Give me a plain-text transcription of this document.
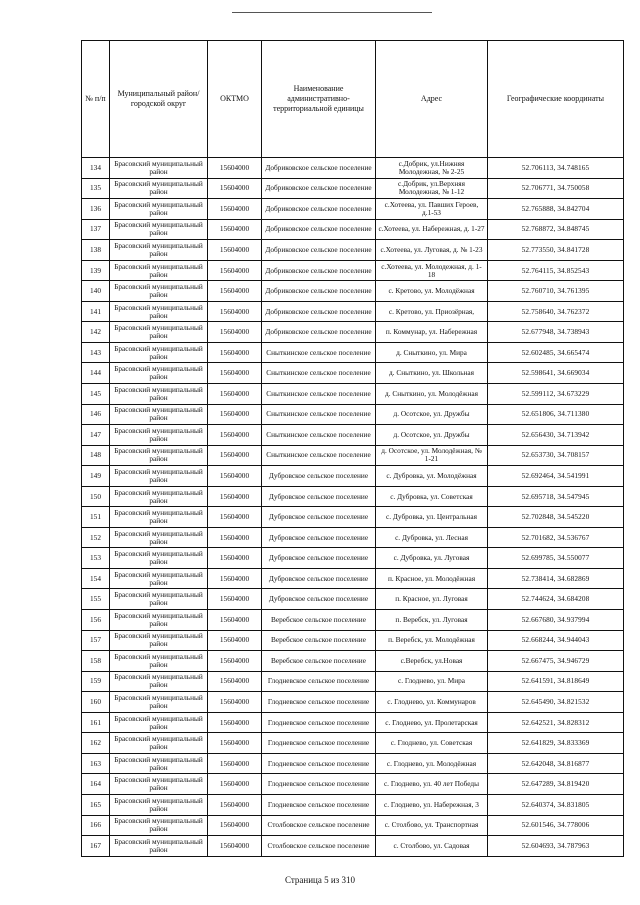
№ п/п	Муниципальный район/городской округ	ОКТМО	Наименование административно-территориальной единицы	Адрес	Географические координаты
134	Брасовский муниципальный район	15604000	Добриковское сельское поселение	с.Добрик, ул.Нижняя Молодежная, № 2-25	52.706113, 34.748165
135	Брасовский муниципальный район	15604000	Добриковское сельское поселение	с.Добрик, ул.Верхняя Молодежная, № 1-12	52.706771, 34.750058
136	Брасовский муниципальный район	15604000	Добриковское сельское поселение	с.Хотеева, ул. Павших Героев, д.1-53	52.765888, 34.842704
137	Брасовский муниципальный район	15604000	Добриковское сельское поселение	с.Хотеева, ул. Набережная, д. 1-27	52.768872, 34.848745
138	Брасовский муниципальный район	15604000	Добриковское сельское поселение	с.Хотеева, ул. Луговая, д. № 1-23	52.773550, 34.841728
139	Брасовский муниципальный район	15604000	Добриковское сельское поселение	с.Хотеева, ул. Молодежная, д. 1-18	52.764115, 34.852543
140	Брасовский муниципальный район	15604000	Добриковское сельское поселение	с. Кретово, ул. Молодёжная	52.760710, 34.761395
141	Брасовский муниципальный район	15604000	Добриковское сельское поселение	с. Кретово, ул. Приозёрная,	52.758640, 34.762372
142	Брасовский муниципальный район	15604000	Добриковское сельское поселение	п. Коммунар, ул. Набережная	52.677948, 34.738943
143	Брасовский муниципальный район	15604000	Сныткинское сельское поселение	д. Сныткино, ул. Мира	52.602485, 34.665474
144	Брасовский муниципальный район	15604000	Сныткинское сельское поселение	д. Сныткино, ул. Школьная	52.598641, 34.669034
145	Брасовский муниципальный район	15604000	Сныткинское сельское поселение	д. Сныткино, ул. Молодёжная	52.599112, 34.673229
146	Брасовский муниципальный район	15604000	Сныткинское сельское поселение	д. Осотское, ул. Дружбы	52.651806, 34.711380
147	Брасовский муниципальный район	15604000	Сныткинское сельское поселение	д. Осотское, ул. Дружбы	52.656430, 34.713942
148	Брасовский муниципальный район	15604000	Сныткинское сельское поселение	д. Осотское, ул. Молодёжная, № 1-21	52.653730, 34.708157
149	Брасовский муниципальный район	15604000	Дубровское сельское поселение	с. Дубровка, ул. Молодёжная	52.692464, 34.541991
150	Брасовский муниципальный район	15604000	Дубровское сельское поселение	с. Дубровка, ул. Советская	52.695718, 34.547945
151	Брасовский муниципальный район	15604000	Дубровское сельское поселение	с. Дубровка, ул. Центральная	52.702848, 34.545220
152	Брасовский муниципальный район	15604000	Дубровское сельское поселение	с. Дубровка, ул. Лесная	52.701682, 34.536767
153	Брасовский муниципальный район	15604000	Дубровское сельское поселение	с. Дубровка, ул. Луговая	52.699785, 34.550077
154	Брасовский муниципальный район	15604000	Дубровское сельское поселение	п. Красное, ул. Молодёжная	52.738414, 34.682869
155	Брасовский муниципальный район	15604000	Дубровское сельское поселение	п. Красное, ул. Луговая	52.744624, 34.684208
156	Брасовский муниципальный район	15604000	Веребское сельское поселение	п. Веребск, ул. Луговая	52.667680, 34.937994
157	Брасовский муниципальный район	15604000	Веребское сельское поселение	п. Веребск, ул. Молодёжная	52.668244, 34.944043
158	Брасовский муниципальный район	15604000	Веребское сельское поселение	с.Веребск, ул.Новая	52.667475, 34.946729
159	Брасовский муниципальный район	15604000	Глодневское сельское поселение	с. Глоднево, ул. Мира	52.641591, 34.818649
160	Брасовский муниципальный район	15604000	Глодневское сельское поселение	с. Глоднево, ул. Коммунаров	52.645490, 34.821532
161	Брасовский муниципальный район	15604000	Глодневское сельское поселение	с. Глоднево, ул. Пролетарская	52.642521, 34.828312
162	Брасовский муниципальный район	15604000	Глодневское сельское поселение	с. Глоднево, ул. Советская	52.641829, 34.833369
163	Брасовский муниципальный район	15604000	Глодневское сельское поселение	с. Глоднево, ул. Молодёжная	52.642048, 34.816877
164	Брасовский муниципальный район	15604000	Глодневское сельское поселение	с. Глоднево, ул. 40 лет Победы	52.647289, 34.819420
165	Брасовский муниципальный район	15604000	Глодневское сельское поселение	с. Глоднево, ул. Набережная, 3	52.640374, 34.831805
166	Брасовский муниципальный район	15604000	Столбовское сельское поселение	с. Столбово, ул. Транспортная	52.601546, 34.778006
167	Брасовский муниципальный район	15604000	Столбовское сельское поселение	с. Столбово, ул. Садовая	52.604693, 34.787963
Страница 5 из 310
